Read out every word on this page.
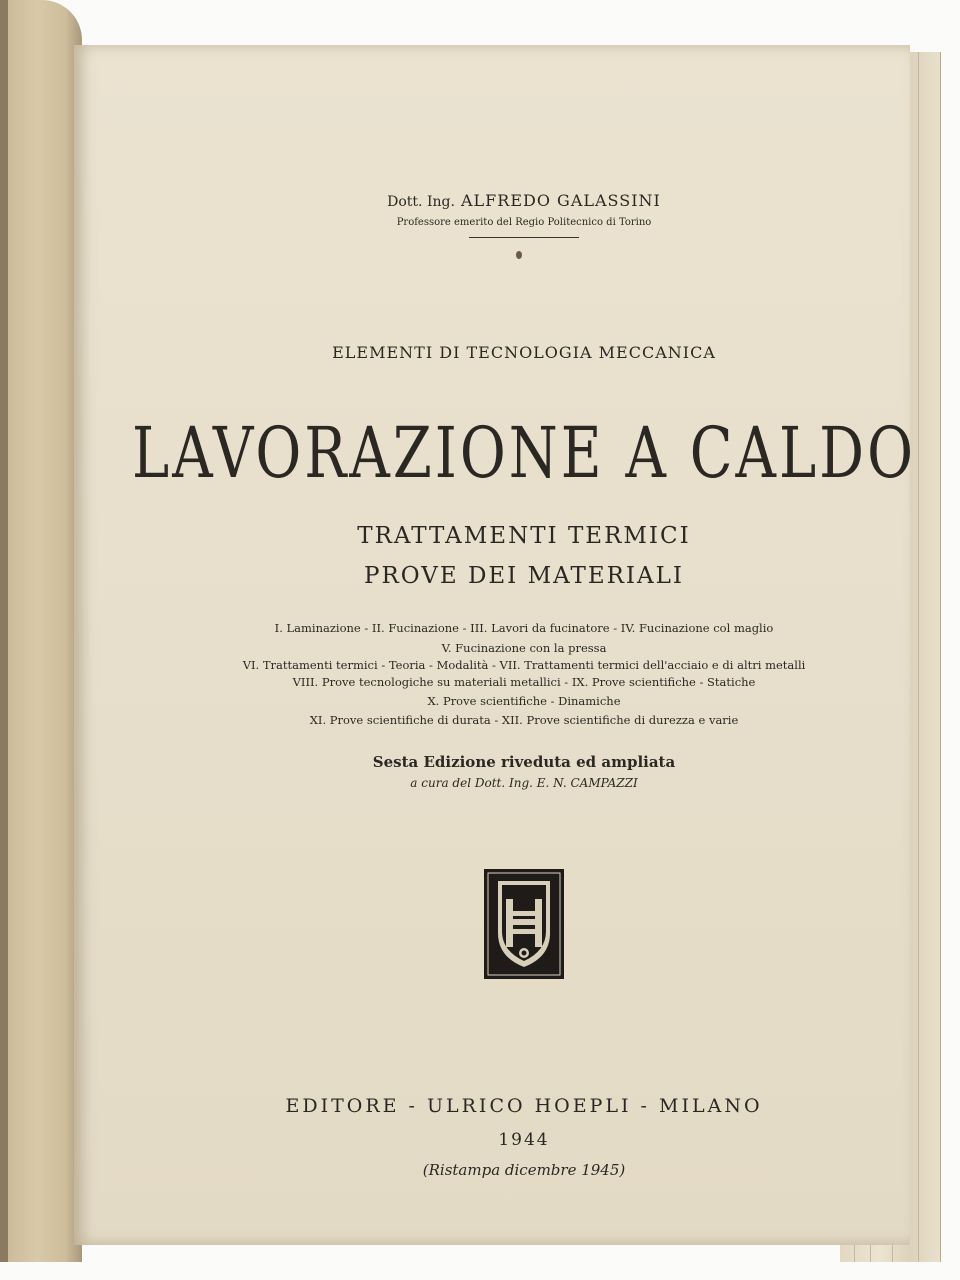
Dott. Ing. ALFREDO GALASSINI
Professore emerito del Regio Politecnico di Torino
ELEMENTI DI TECNOLOGIA MECCANICA
LAVORAZIONE A CALDO
TRATTAMENTI TERMICI
PROVE DEI MATERIALI
I. Laminazione - II. Fucinazione - III. Lavori da fucinatore - IV. Fucinazione col maglio
V. Fucinazione con la pressa
VI. Trattamenti termici - Teoria - Modalità - VII. Trattamenti termici dell'acciaio e di altri metalli
VIII. Prove tecnologiche su materiali metallici - IX. Prove scientifiche - Statiche
X. Prove scientifiche - Dinamiche
XI. Prove scientifiche di durata - XII. Prove scientifiche di durezza e varie
Sesta Edizione riveduta ed ampliata
a cura del Dott. Ing. E. N. CAMPAZZI
EDITORE - ULRICO HOEPLI - MILANO
1944
(Ristampa dicembre 1945)
